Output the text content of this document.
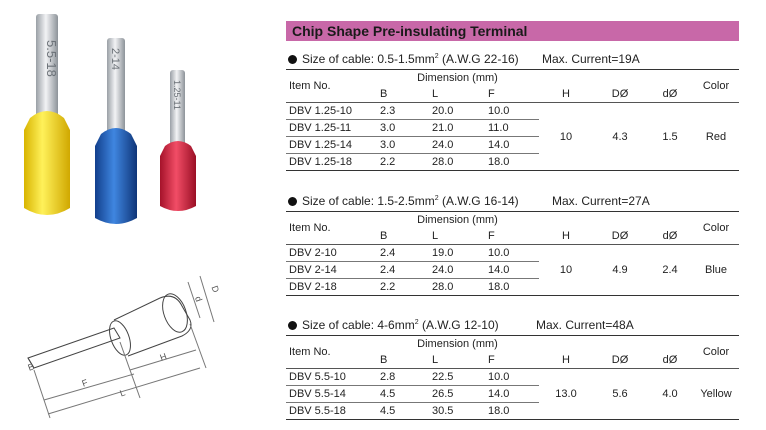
5.5-18	2-14
1.25-11
B
F
L
H
d
D
Chip Shape Pre-insulating Terminal
Size of cable: $0.5-1.5mm^2$ (A.W.G 22-16) Max. Current=19A
Item No.	Dimension (mm)						Color
	B	L	F	H	DØ	dØ	
DBV 1.25-10	2.3	20.0	10.0	10	4.3	1.5	Red
DBV 1.25-11	3.0	21.0	11.0				
DBV 1.25-14	3.0	24.0	14.0				
DBV 1.25-18	2.2	28.0	18.0				
Size of cable: $1.5-2.5mm^2$ (A.W.G 16-14)	Max. Current=27A
Item No.	Dimension (mm)						Color
	B	L	F	H	DØ	dØ	
DBV 2-10	2.4	19.0	10.0	10	4.9	2.4	Blue
DBV 2-14	2.4	24.0	14.0				
DBV 2-18	2.2	28.0	18.0				
Size of cable: $4-6mm^2$ (A.W.G 12-10)	Max. Current=48A
Item No.	Dimension (mm)						Color
	B	L	F	H	DØ	dØ	
DBV 5.5-10	2.8	22.5	10.0	13.0	5.6	4.0	Yellow
DBV 5.5-14	4.5	26.5	14.0				
DBV 5.5-18	4.5	30.5	18.0				
